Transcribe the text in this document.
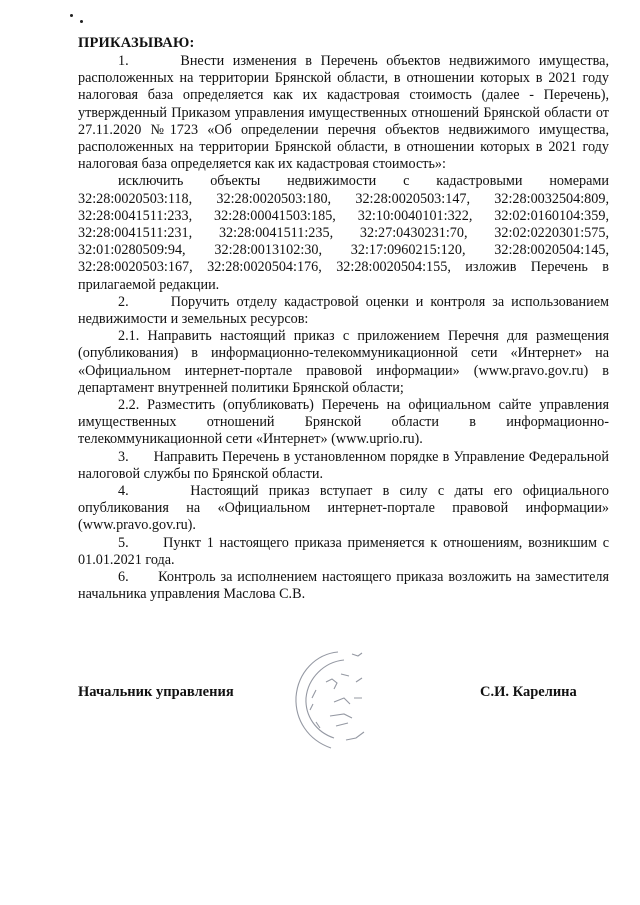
ПРИКАЗЫВАЮ:

1.      Внести изменения в Перечень объектов недвижимого имущества, расположенных на территории Брянской области, в отношении которых в 2021 году налоговая база определяется как их кадастровая стоимость (далее - Перечень), утвержденный Приказом управления имущественных отношений Брянской области от 27.11.2020 №1723 «Об определении перечня объектов недвижимого имущества, расположенных на территории Брянской области, в отношении которых в 2021 году налоговая база определяется как их кадастровая стоимость»:

исключить объекты недвижимости с кадастровыми номерами 32:28:0020503:118, 32:28:0020503:180, 32:28:0020503:147, 32:28:0032504:809, 32:28:0041511:233, 32:28:00041503:185, 32:10:0040101:322, 32:02:0160104:359, 32:28:0041511:231, 32:28:0041511:235, 32:27:0430231:70, 32:02:0220301:575, 32:01:0280509:94, 32:28:0013102:30, 32:17:0960215:120, 32:28:0020504:145, 32:28:0020503:167, 32:28:0020504:176, 32:28:0020504:155, изложив Перечень в прилагаемой редакции.

2.      Поручить отделу кадастровой оценки и контроля за использованием недвижимости и земельных ресурсов:

2.1. Направить настоящий приказ с приложением Перечня для размещения (опубликования) в информационно-телекоммуникационной сети «Интернет» на «Официальном интернет-портале правовой информации» (www.pravo.gov.ru) в департамент внутренней политики Брянской области;

2.2. Разместить (опубликовать) Перечень на официальном сайте управления имущественных отношений Брянской области в информационно-телекоммуникационной сети «Интернет» (www.uprio.ru).

3.      Направить Перечень в установленном порядке в Управление Федеральной налоговой службы по Брянской области.

4.      Настоящий приказ вступает в силу с даты его официального опубликования на «Официальном интернет-портале правовой информации» (www.pravo.gov.ru).

5.      Пункт 1 настоящего приказа применяется к отношениям, возникшим с 01.01.2021 года.

6.      Контроль за исполнением настоящего приказа возложить на заместителя начальника управления Маслова С.В.

Начальник управления	С.И. Карелина
